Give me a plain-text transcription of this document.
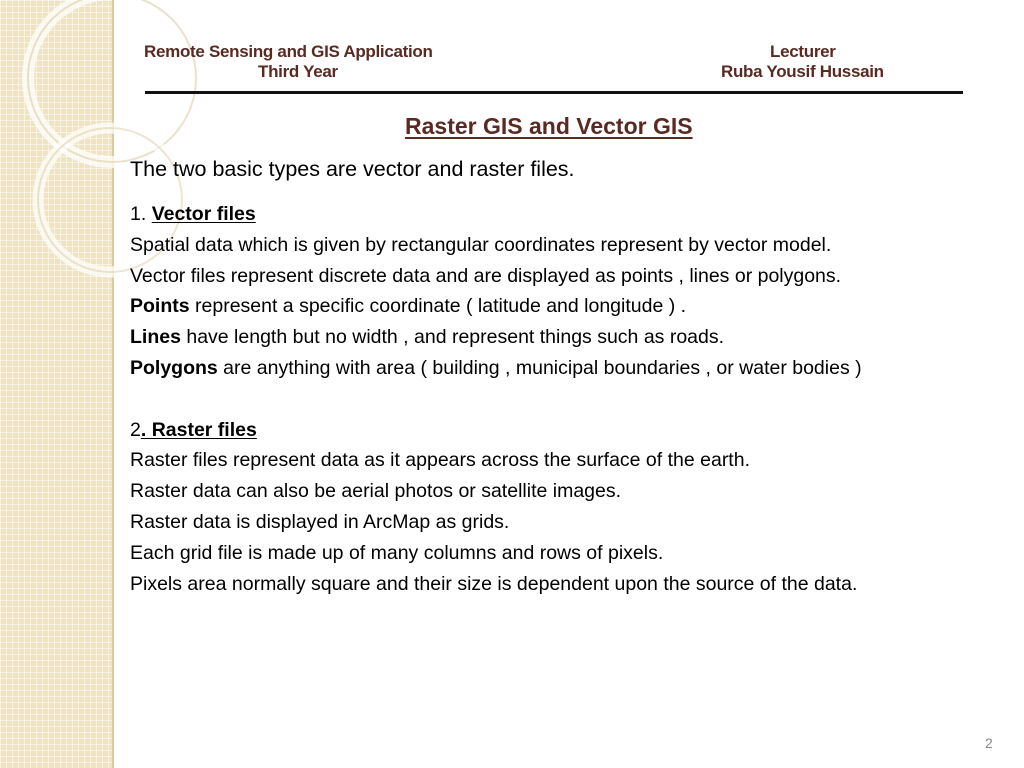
Remote Sensing and GIS Application
Third Year
Lecturer
Ruba Yousif Hussain
Raster GIS and Vector GIS
The two basic types are vector and raster files.
1. Vector files
Spatial data which is given by rectangular coordinates represent by vector model.
Vector files represent discrete data and are displayed as points , lines or polygons.
Points represent a specific coordinate ( latitude and longitude ) .
Lines have length but no width , and represent things such as roads.
Polygons are anything with area ( building , municipal boundaries , or water bodies )
2. Raster files
Raster files represent data as it appears across the surface of the earth.
Raster data can also be aerial photos or satellite images.
Raster data is displayed in ArcMap as grids.
Each grid file is made up of many columns and rows of pixels.
Pixels area normally square and their size is dependent upon the source of the data.
2
